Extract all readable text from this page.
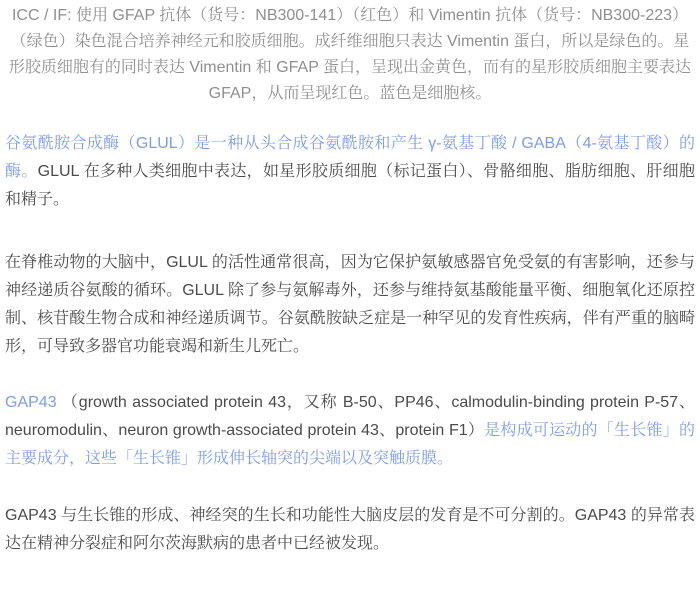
ICC / IF: 使用 GFAP 抗体（货号：NB300-141）（红色）和 Vimentin 抗体（货号：NB300-223）（绿色）染色混合培养神经元和胶质细胞。成纤维细胞只表达 Vimentin 蛋白，所以是绿色的。星形胶质细胞有的同时表达 Vimentin 和 GFAP 蛋白，呈现出金黄色，而有的星形胶质细胞主要表达 GFAP，从而呈现红色。蓝色是细胞核。

谷氨酰胺合成酶（GLUL）是一种从头合成谷氨酰胺和产生 γ-氨基丁酸 / GABA（4-氨基丁酸）的酶。GLUL 在多种人类细胞中表达，如星形胶质细胞（标记蛋白）、骨骼细胞、脂肪细胞、肝细胞和精子。

在脊椎动物的大脑中，GLUL 的活性通常很高，因为它保护氨敏感器官免受氨的有害影响，还参与神经递质谷氨酸的循环。GLUL 除了参与氨解毒外，还参与维持氨基酸能量平衡、细胞氧化还原控制、核苷酸生物合成和神经递质调节。谷氨酰胺缺乏症是一种罕见的发育性疾病，伴有严重的脑畸形，可导致多器官功能衰竭和新生儿死亡。

GAP43 （growth associated protein 43，又称 B-50、PP46、calmodulin-binding protein P-57、neuromodulin、neuron growth-associated protein 43、protein F1）是构成可运动的「生长锥」的主要成分，这些「生长锥」形成伸长轴突的尖端以及突触质膜。

GAP43 与生长锥的形成、神经突的生长和功能性大脑皮层的发育是不可分割的。GAP43 的异常表达在精神分裂症和阿尔茨海默病的患者中已经被发现。
